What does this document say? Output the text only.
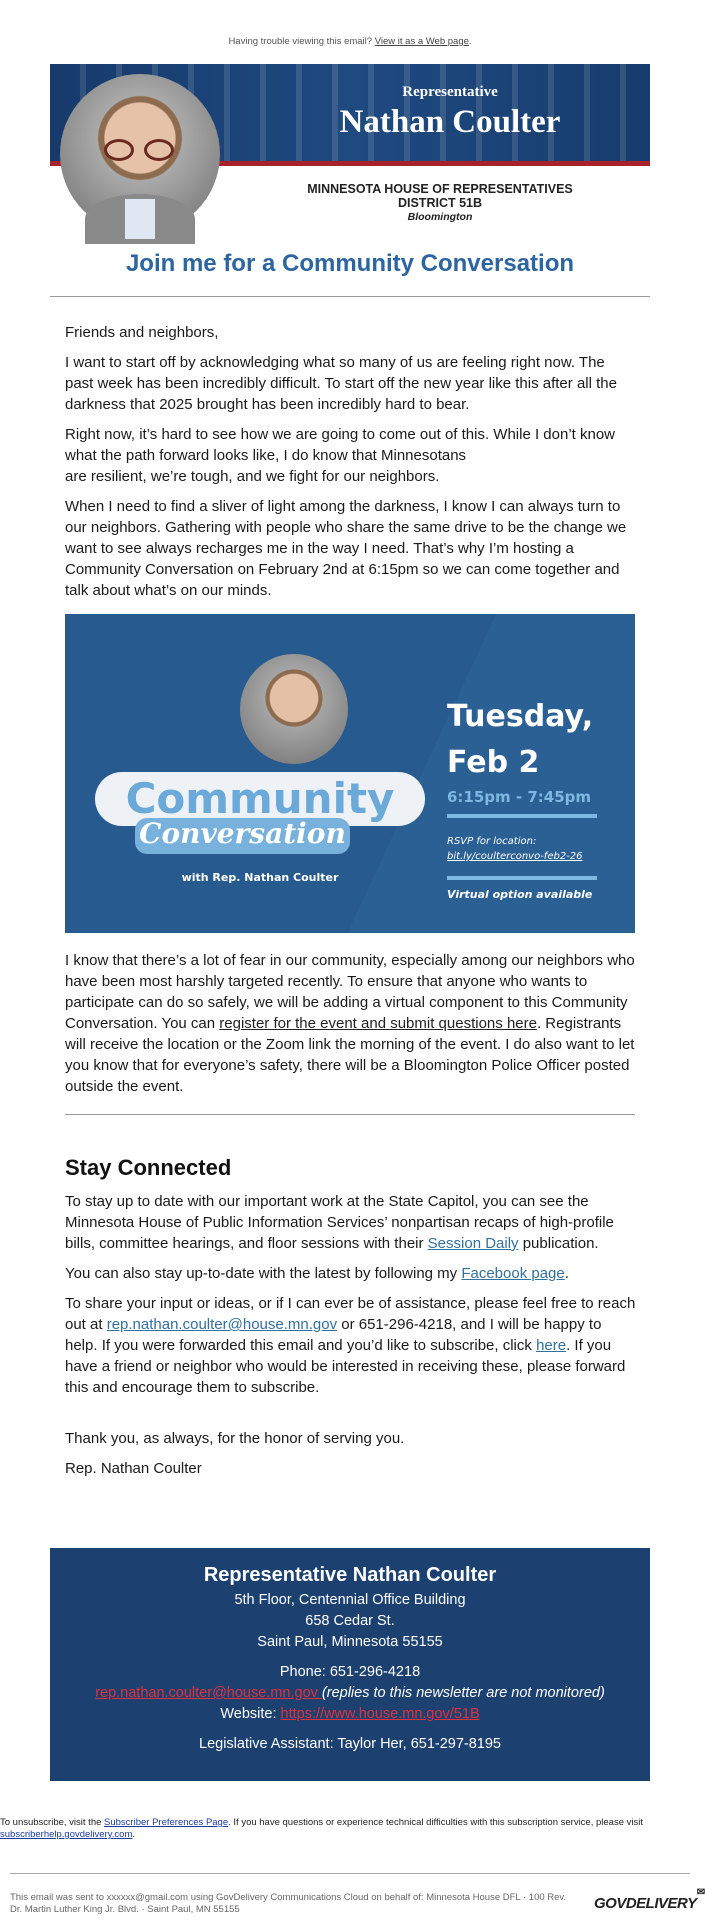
Having trouble viewing this email? View it as a Web page.
Representative
Nathan Coulter
MINNESOTA HOUSE OF REPRESENTATIVES
DISTRICT 51B
Bloomington
Join me for a Community Conversation

Friends and neighbors,

I want to start off by acknowledging what so many of us are feeling right now. The past week has been incredibly difficult. To start off the new year like this after all the darkness that 2025 brought has been incredibly hard to bear.

Right now, it’s hard to see how we are going to come out of this. While I don’t know what the path forward looks like, I do know that Minnesotans
are resilient, we’re tough, and we fight for our neighbors.

When I need to find a sliver of light among the darkness, I know I can always turn to our neighbors. Gathering with people who share the same drive to be the change we want to see always recharges me in the way I need. That’s why I’m hosting a Community Conversation on February 2nd at 6:15pm so we can come together and talk about what’s on our minds.

Community
Conversation
with Rep. Nathan Coulter
Tuesday,
Feb 2
6:15pm - 7:45pm
RSVP for location:
bit.ly/coulterconvo-feb2-26
Virtual option available

I know that there’s a lot of fear in our community, especially among our neighbors who have been most harshly targeted recently. To ensure that anyone who wants to participate can do so safely, we will be adding a virtual component to this Community Conversation. You can register for the event and submit questions here. Registrants will receive the location or the Zoom link the morning of the event. I do also want to let you know that for everyone’s safety, there will be a Bloomington Police Officer posted outside the event.

Stay Connected

To stay up to date with our important work at the State Capitol, you can see the Minnesota House of Public Information Services’ nonpartisan recaps of high-profile bills, committee hearings, and floor sessions with their Session Daily publication.

You can also stay up-to-date with the latest by following my Facebook page.

To share your input or ideas, or if I can ever be of assistance, please feel free to reach out at rep.nathan.coulter@house.mn.gov or 651-296-4218, and I will be happy to help. If you were forwarded this email and you’d like to subscribe, click here. If you have a friend or neighbor who would be interested in receiving these, please forward this and encourage them to subscribe.

Thank you, as always, for the honor of serving you.

Rep. Nathan Coulter

Representative Nathan Coulter
5th Floor, Centennial Office Building
658 Cedar St.
Saint Paul, Minnesota 55155
Phone: 651-296-4218
rep.nathan.coulter@house.mn.gov (replies to this newsletter are not monitored)
Website: https://www.house.mn.gov/51B
Legislative Assistant: Taylor Her, 651-297-8195
To unsubscribe, visit the Subscriber Preferences Page. If you have questions or experience technical difficulties with this subscription service, please visit subscriberhelp.govdelivery.com.
This email was sent to xxxxxx@gmail.com using GovDelivery Communications Cloud on behalf of: Minnesota House DFL · 100 Rev. Dr. Martin Luther King Jr. Blvd. · Saint Paul, MN 55155	GOVDELIVERY
✉
